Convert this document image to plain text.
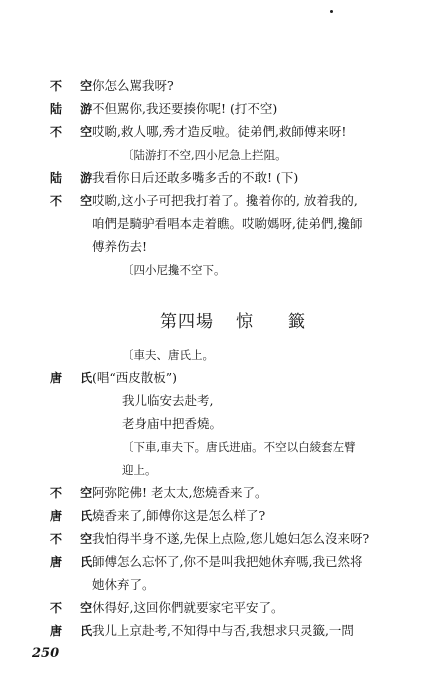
不 空
你怎么駡我呀?
陆 游
不但駡你,我还要揍你呢! (打不空)
不 空
哎喲,救人哪,秀才造反啦。徒弟們,救師傅来呀!
〔陆游打不空,四小尼急上拦阻。
陆 游
我看你日后还敢多嘴多舌的不敢! (下)
不 空
哎喲,这小子可把我打着了。攙着你的, 放着我的,
咱們是騎驴看唱本走着瞧。哎喲媽呀,徒弟們,攙師
傅养伤去!
〔四小尼攙不空下。
第四場 惊 籤
〔車夫、唐氏上。
唐 氏
(唱“西皮散板”)
我儿临安去赴考,
老身庙中把香燒。
〔下車,車夫下。唐氏进庙。不空以白綾套左臂
迎上。
不 空
阿弥陀佛! 老太太,您燒香来了。
唐 氏
燒香来了,師傅你这是怎么样了?
不 空
我怕得半身不遂,先保上点险,您儿媳妇怎么沒来呀?
唐 氏
師傅怎么忘怀了,你不是叫我把她休弃嗎,我已然将
她休弃了。
不 空
休得好,这回你們就要家宅平安了。
唐 氏
我儿上京赴考,不知得中与否,我想求只灵籤,一問
250
